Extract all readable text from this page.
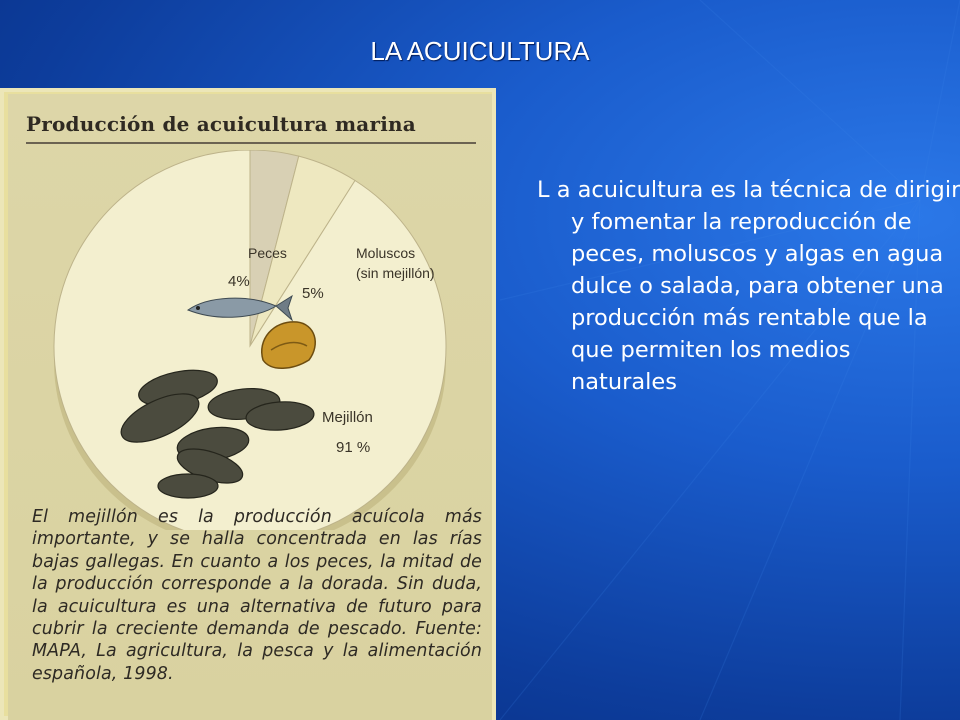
LA ACUICULTURA
Producción de acuicultura marina
Peces
4%
Moluscos
(sin mejillón)
5%
Mejillón
91 %
El mejillón es la producción acuícola más importante, y se halla concentrada en las rías bajas gallegas. En cuanto a los peces, la mitad de la producción corresponde a la dorada. Sin duda, la acuicultura es una alternativa de futuro para cubrir la creciente demanda de pescado. Fuente: MAPA, La agricultura, la pesca y la alimentación española, 1998.
L a acuicultura es la técnica de dirigir y fomentar la reproducción de peces, moluscos y algas en agua dulce o salada, para obtener una producción más rentable que la que permiten los medios naturales
